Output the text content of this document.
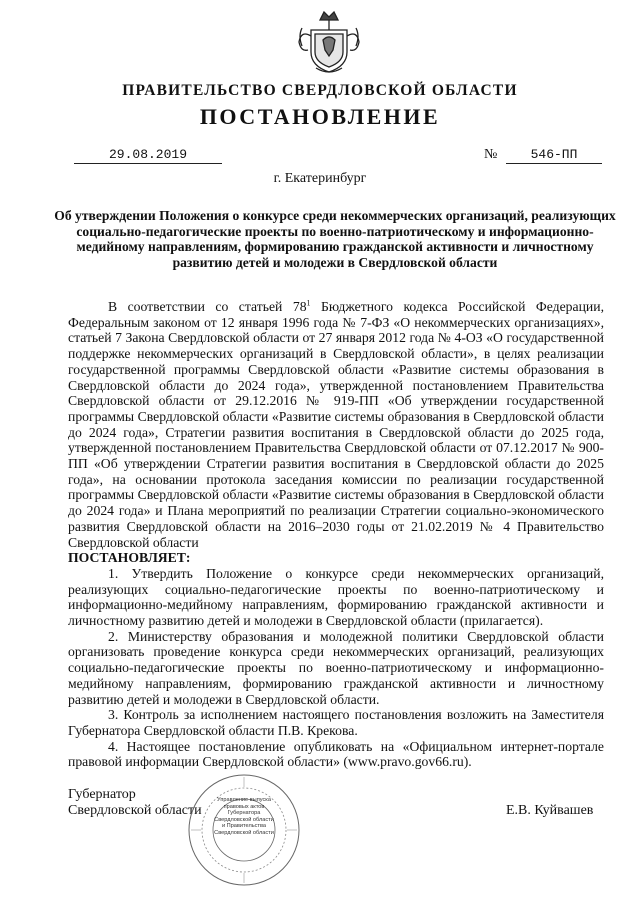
ПРАВИТЕЛЬСТВО СВЕРДЛОВСКОЙ ОБЛАСТИ
ПОСТАНОВЛЕНИЕ
29.08.2019	№	546-ПП
г. Екатеринбург
Об утверждении Положения о конкурсе среди некоммерческих организаций, реализующих социально-педагогические проекты по военно-патриотическому и информационно-медийному направлениям, формированию гражданской активности и личностному развитию детей и молодежи в Свердловской области

В соответствии со статьей $78^1$ Бюджетного кодекса Российской Федерации, Федеральным законом от 12 января 1996 года № 7-ФЗ «О некоммерческих организациях», статьей 7 Закона Свердловской области от 27 января 2012 года № 4-ОЗ «О государственной поддержке некоммерческих организаций в Свердловской области», в целях реализации государственной программы Свердловской области «Развитие системы образования в Свердловской области до 2024 года», утвержденной постановлением Правительства Свердловской области от 29.12.2016 № 919-ПП «Об утверждении государственной программы Свердловской области «Развитие системы образования в Свердловской области до 2024 года», Стратегии развития воспитания в Свердловской области до 2025 года, утвержденной постановлением Правительства Свердловской области от 07.12.2017 № 900-ПП «Об утверждении Стратегии развития воспитания в Свердловской области до 2025 года», на основании протокола заседания комиссии по реализации государственной программы Свердловской области «Развитие системы образования в Свердловской области до 2024 года» и Плана мероприятий по реализации Стратегии социально-экономического развития Свердловской области на 2016–2030 годы от 21.02.2019 № 4 Правительство Свердловской области

ПОСТАНОВЛЯЕТ:

1. Утвердить Положение о конкурсе среди некоммерческих организаций, реализующих социально-педагогические проекты по военно-патриотическому и информационно-медийному направлениям, формированию гражданской активности и личностному развитию детей и молодежи в Свердловской области (прилагается).

2. Министерству образования и молодежной политики Свердловской области организовать проведение конкурса среди некоммерческих организаций, реализующих социально-педагогические проекты по военно-патриотическому и информационно-медийному направлениям, формированию гражданской активности и личностному развитию детей и молодежи в Свердловской области.

3. Контроль за исполнением настоящего постановления возложить на Заместителя Губернатора Свердловской области П.В. Крекова.

4. Настоящее постановление опубликовать на «Официальном интернет-портале правовой информации Свердловской области» (www.pravo.gov66.ru).

Губернатор
Свердловской области	Е.В. Куйвашев
Управление выпуска правовых актов Губернатора Свердловской области и Правительства Свердловской области
